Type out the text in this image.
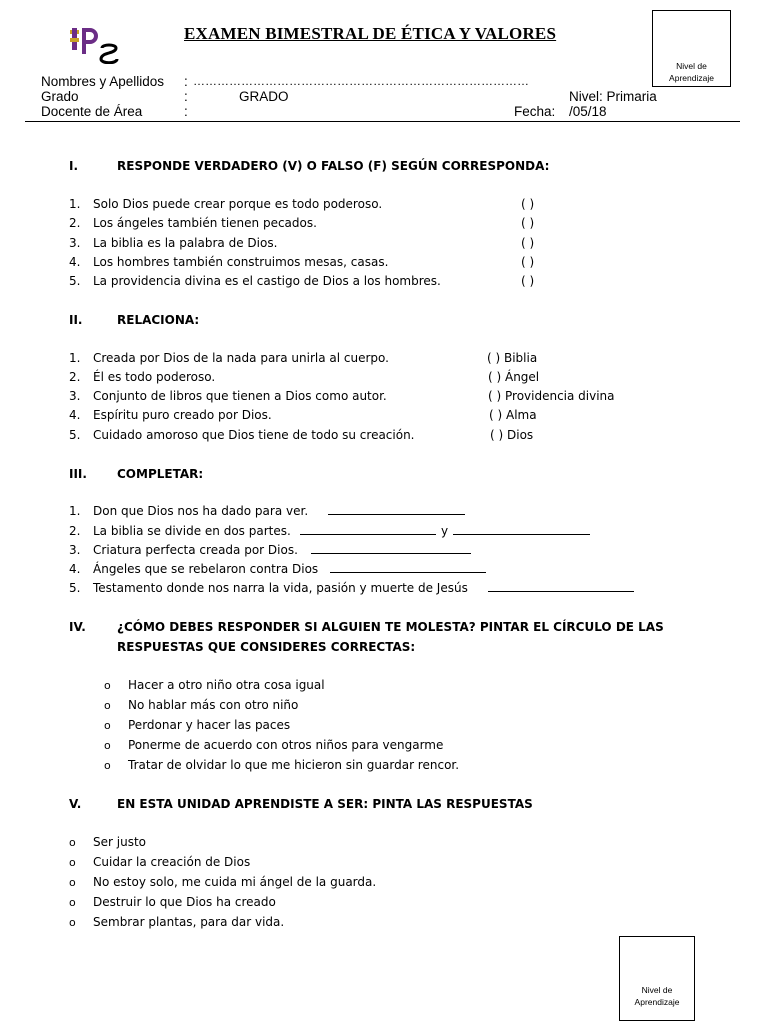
EXAMEN BIMESTRAL DE ÉTICA Y VALORES
Nivel de Aprendizaje
Nombres y Apellidos : …………………………………………………………………………
Grado	:	GRADO	Nivel: Primaria
Docente de Área	:	Fecha: /05/18
I.	RESPONDE VERDADERO (V) O FALSO (F) SEGÚN CORRESPONDA:
1. Solo Dios puede crear porque es todo poderoso.	( )
2. Los ángeles también tienen pecados.	( )
3. La biblia es la palabra de Dios.	( )
4. Los hombres también construimos mesas, casas.	( )
5. La providencia divina es el castigo de Dios a los hombres.	( )
II.	RELACIONA:
1. Creada por Dios de la nada para unirla al cuerpo.	( ) Biblia
2. Él es todo poderoso.	( ) Ángel
3. Conjunto de libros que tienen a Dios como autor.	( ) Providencia divina
4. Espíritu puro creado por Dios.	( ) Alma
5. Cuidado amoroso que Dios tiene de todo su creación.	( ) Dios
III.	COMPLETAR:
1. Don que Dios nos ha dado para ver.
2. La biblia se divide en dos partes.	y
3. Criatura perfecta creada por Dios.
4. Ángeles que se rebelaron contra Dios
5. Testamento donde nos narra la vida, pasión y muerte de Jesús
IV.	¿CÓMO DEBES RESPONDER SI ALGUIEN TE MOLESTA? PINTAR EL CÍRCULO DE LAS
RESPUESTAS QUE CONSIDERES CORRECTAS:
o Hacer a otro niño otra cosa igual
o No hablar más con otro niño
o Perdonar y hacer las paces
o Ponerme de acuerdo con otros niños para vengarme
o Tratar de olvidar lo que me hicieron sin guardar rencor.
V.	EN ESTA UNIDAD APRENDISTE A SER: PINTA LAS RESPUESTAS
o Ser justo
o Cuidar la creación de Dios
o No estoy solo, me cuida mi ángel de la guarda.
o Destruir lo que Dios ha creado
o Sembrar plantas, para dar vida.
Nivel de Aprendizaje
